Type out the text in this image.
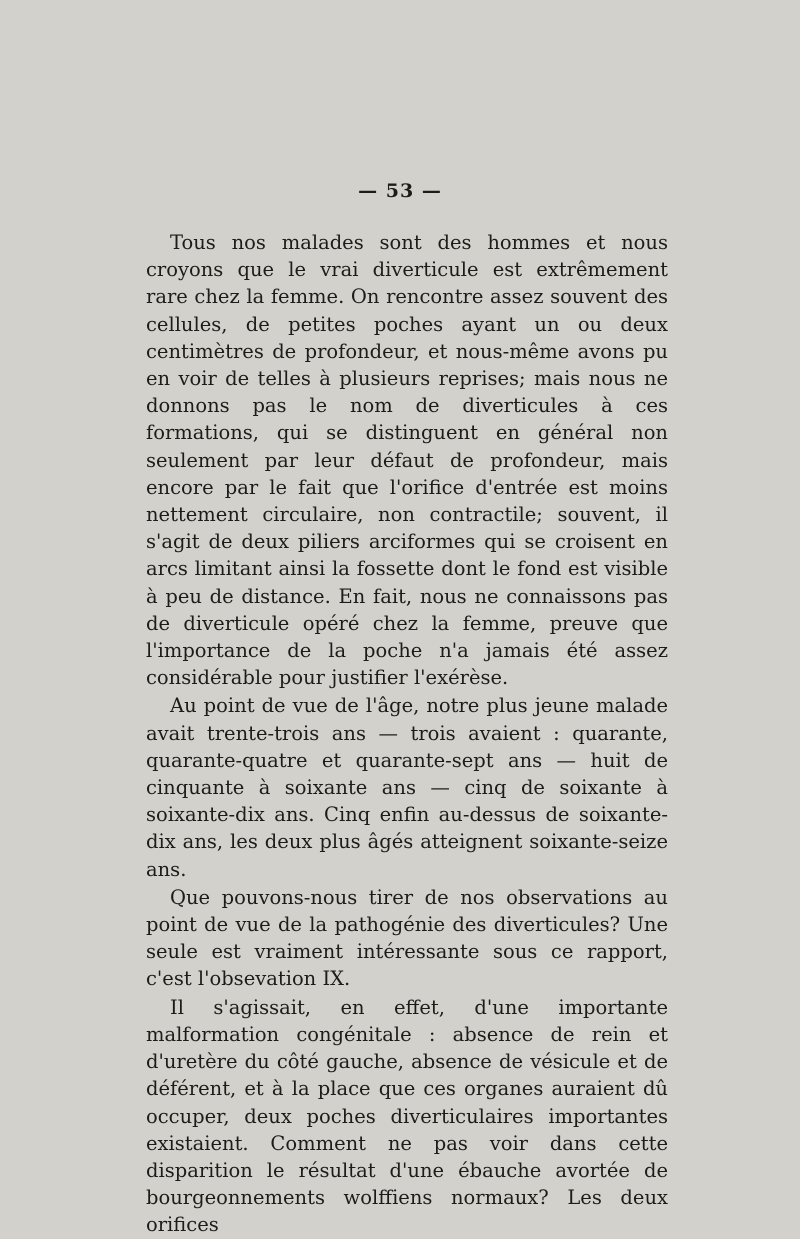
— 53 —

Tous nos malades sont des hommes et nous croyons que le vrai diverticule est extrêmement rare chez la femme. On rencontre assez souvent des cellules, de petites poches ayant un ou deux centimètres de profondeur, et nous-même avons pu en voir de telles à plusieurs reprises; mais nous ne donnons pas le nom de diverticules à ces formations, qui se distinguent en général non seulement par leur défaut de profondeur, mais encore par le fait que l'orifice d'entrée est moins nettement circulaire, non contractile; souvent, il s'agit de deux piliers arciformes qui se croisent en arcs limitant ainsi la fossette dont le fond est visible à peu de distance. En fait, nous ne connaissons pas de diverticule opéré chez la femme, preuve que l'importance de la poche n'a jamais été assez considérable pour justifier l'exérèse.

Au point de vue de l'âge, notre plus jeune malade avait trente-trois ans — trois avaient : quarante, quarante-quatre et quarante-sept ans — huit de cinquante à soixante ans — cinq de soixante à soixante-dix ans. Cinq enfin au-dessus de soixante-dix ans, les deux plus âgés atteignent soixante-seize ans.

Que pouvons-nous tirer de nos observations au point de vue de la pathogénie des diverticules? Une seule est vraiment intéressante sous ce rapport, c'est l'obsevation IX.

Il s'agissait, en effet, d'une importante malformation congénitale : absence de rein et d'uretère du côté gauche, absence de vésicule et de déférent, et à la place que ces organes auraient dû occuper, deux poches diverticulaires importantes existaient. Comment ne pas voir dans cette disparition le résultat d'une ébauche avortée de bourgeonnements wolffiens normaux? Les deux orifices
